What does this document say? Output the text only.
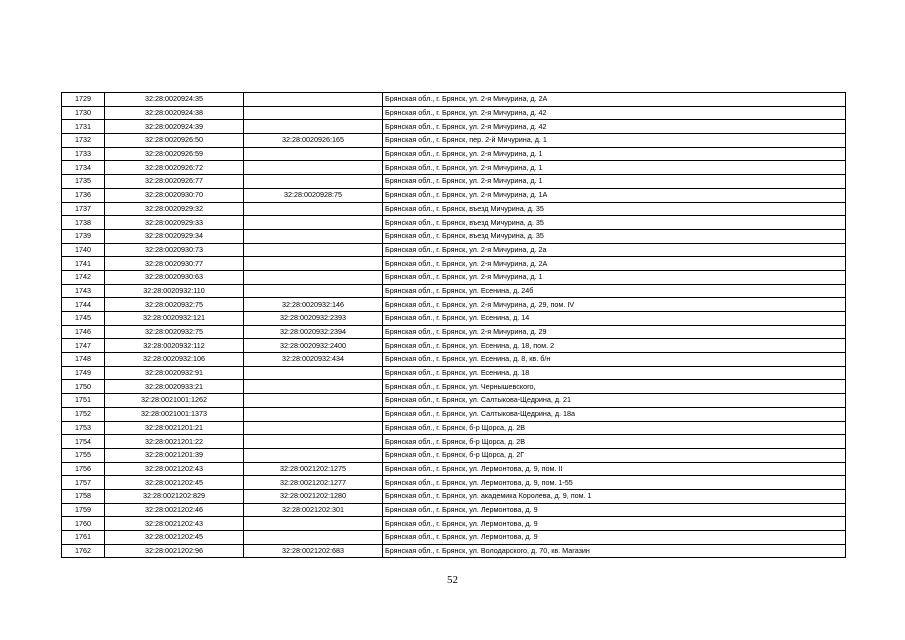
1729	32:28:0020924:35		Брянская обл., г. Брянск, ул. 2-я Мичурина, д. 2А
1730	32:28:0020924:38		Брянская обл., г. Брянск, ул. 2-я Мичурина, д. 42
1731	32:28:0020924:39		Брянская обл., г. Брянск, ул. 2-я Мичурина, д. 42
1732	32:28:0020926:50	32:28:0020926:165	Брянская обл., г. Брянск, пер. 2-й Мичурина, д. 1
1733	32:28:0020926:59		Брянская обл., г. Брянск, ул. 2-я Мичурина, д. 1
1734	32:28:0020926:72		Брянская обл., г. Брянск, ул. 2-я Мичурина, д. 1
1735	32:28:0020926:77		Брянская обл., г. Брянск, ул. 2-я Мичурина, д. 1
1736	32:28:0020930:70	32:28:0020928:75	Брянская обл., г. Брянск, ул. 2-я Мичурина, д. 1А
1737	32:28:0020929:32		Брянская обл., г. Брянск, въезд Мичурина, д. 35
1738	32:28:0020929:33		Брянская обл., г. Брянск, въезд Мичурина, д. 35
1739	32:28:0020929:34		Брянская обл., г. Брянск, въезд Мичурина, д. 35
1740	32:28:0020930:73		Брянская обл., г. Брянск, ул. 2-я Мичурина, д. 2а
1741	32:28:0020930:77		Брянская обл., г. Брянск, ул. 2-я Мичурина, д. 2А
1742	32:28:0020930:63		Брянская обл., г. Брянск, ул. 2-я Мичурина, д. 1
1743	32:28:0020932:110		Брянская обл., г. Брянск, ул. Есенина, д. 24б
1744	32:28:0020932:75	32:28:0020932:146	Брянская обл., г. Брянск, ул. 2-я Мичурина, д. 29, пом. IV
1745	32:28:0020932:121	32:28:0020932:2393	Брянская обл., г. Брянск, ул. Есенина, д. 14
1746	32:28:0020932:75	32:28:0020932:2394	Брянская обл., г. Брянск, ул. 2-я Мичурина, д. 29
1747	32:28:0020932:112	32:28:0020932:2400	Брянская обл., г. Брянск, ул. Есенина, д. 18, пом. 2
1748	32:28:0020932:106	32:28:0020932:434	Брянская обл., г. Брянск, ул. Есенина, д. 8, кв. б/н
1749	32:28:0020932:91		Брянская обл., г. Брянск, ул. Есенина, д. 18
1750	32:28:0020933:21		Брянская обл., г. Брянск, ул. Чернышевского,
1751	32:28:0021001:1262		Брянская обл., г. Брянск, ул. Салтыкова-Щедрина, д. 21
1752	32:28:0021001:1373		Брянская обл., г. Брянск, ул. Салтыкова-Щедрина, д. 18а
1753	32:28:0021201:21		Брянская обл., г. Брянск, б-р Щорса, д. 2В
1754	32:28:0021201:22		Брянская обл., г. Брянск, б-р Щорса, д. 2В
1755	32:28:0021201:39		Брянская обл., г. Брянск, б-р Щорса, д. 2Г
1756	32:28:0021202:43	32:28:0021202:1275	Брянская обл., г. Брянск, ул. Лермонтова, д. 9, пом. II
1757	32:28:0021202:45	32:28:0021202:1277	Брянская обл., г. Брянск, ул. Лермонтова, д. 9, пом. 1-55
1758	32:28:0021202:829	32:28:0021202:1280	Брянская обл., г. Брянск, ул. академика Королева, д. 9, пом. 1
1759	32:28:0021202:46	32:28:0021202:301	Брянская обл., г. Брянск, ул. Лермонтова, д. 9
1760	32:28:0021202:43		Брянская обл., г. Брянск, ул. Лермонтова, д. 9
1761	32:28:0021202:45		Брянская обл., г. Брянск, ул. Лермонтова, д. 9
1762	32:28:0021202:96	32:28:0021202:683	Брянская обл., г. Брянск, ул. Володарского, д. 70, кв. Магазин
52
